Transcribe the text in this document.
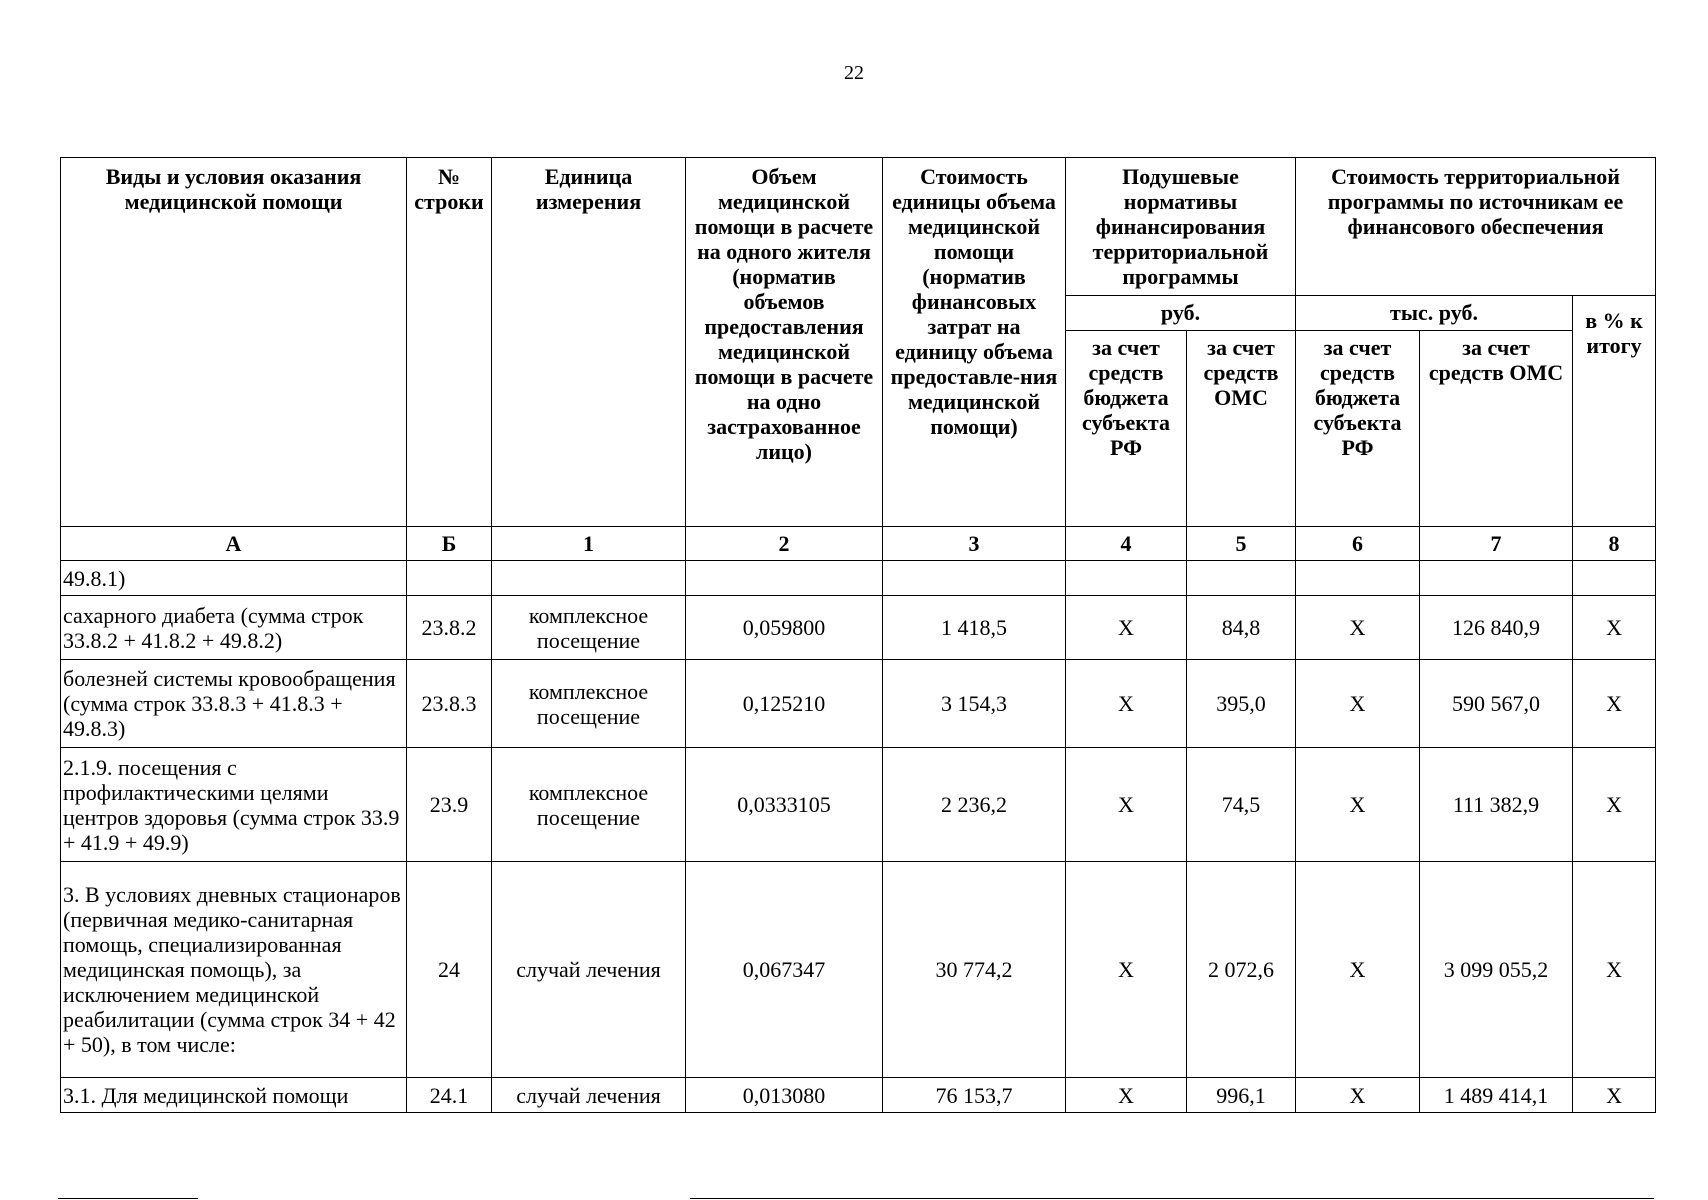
22
Виды и условия оказания медицинской помощи	№ строки	Единица измерения	Объем медицинской помощи в расчете на одного жителя (норматив объемов предоставления медицинской помощи в расчете на одно застрахованное лицо)	Стоимость единицы объема медицинской помощи (норматив финансовых затрат на единицу объема предоставле-ния медицинской помощи)	Подушевые нормативы финансирования территориальной программы		Стоимость территориальной программы по источникам ее финансового обеспечения		
					руб.		тыс. руб.		в % к итогу
					за счет средств бюджета субъекта РФ	за счет средств ОМС	за счет средств бюджета субъекта РФ	за счет средств ОМС	
А	Б	1	2	3	4	5	6	7	8
49.8.1)									
сахарного диабета (сумма строк 33.8.2 + 41.8.2 + 49.8.2)	23.8.2	комплексное посещение	0,059800	1 418,5	Х	84,8	Х	126 840,9	Х
болезней системы кровообращения (сумма строк 33.8.3 + 41.8.3 + 49.8.3)	23.8.3	комплексное посещение	0,125210	3 154,3	Х	395,0	Х	590 567,0	Х
2.1.9. посещения с профилактическими целями центров здоровья (сумма строк 33.9 + 41.9 + 49.9)	23.9	комплексное посещение	0,0333105	2 236,2	Х	74,5	Х	111 382,9	Х
3. В условиях дневных стационаров (первичная медико-санитарная помощь, специализированная медицинская помощь), за исключением медицинской реабилитации (сумма строк 34 + 42 + 50), в том числе:	24	случай лечения	0,067347	30 774,2	Х	2 072,6	Х	3 099 055,2	Х
3.1. Для медицинской помощи	24.1	случай лечения	0,013080	76 153,7	Х	996,1	Х	1 489 414,1	Х
